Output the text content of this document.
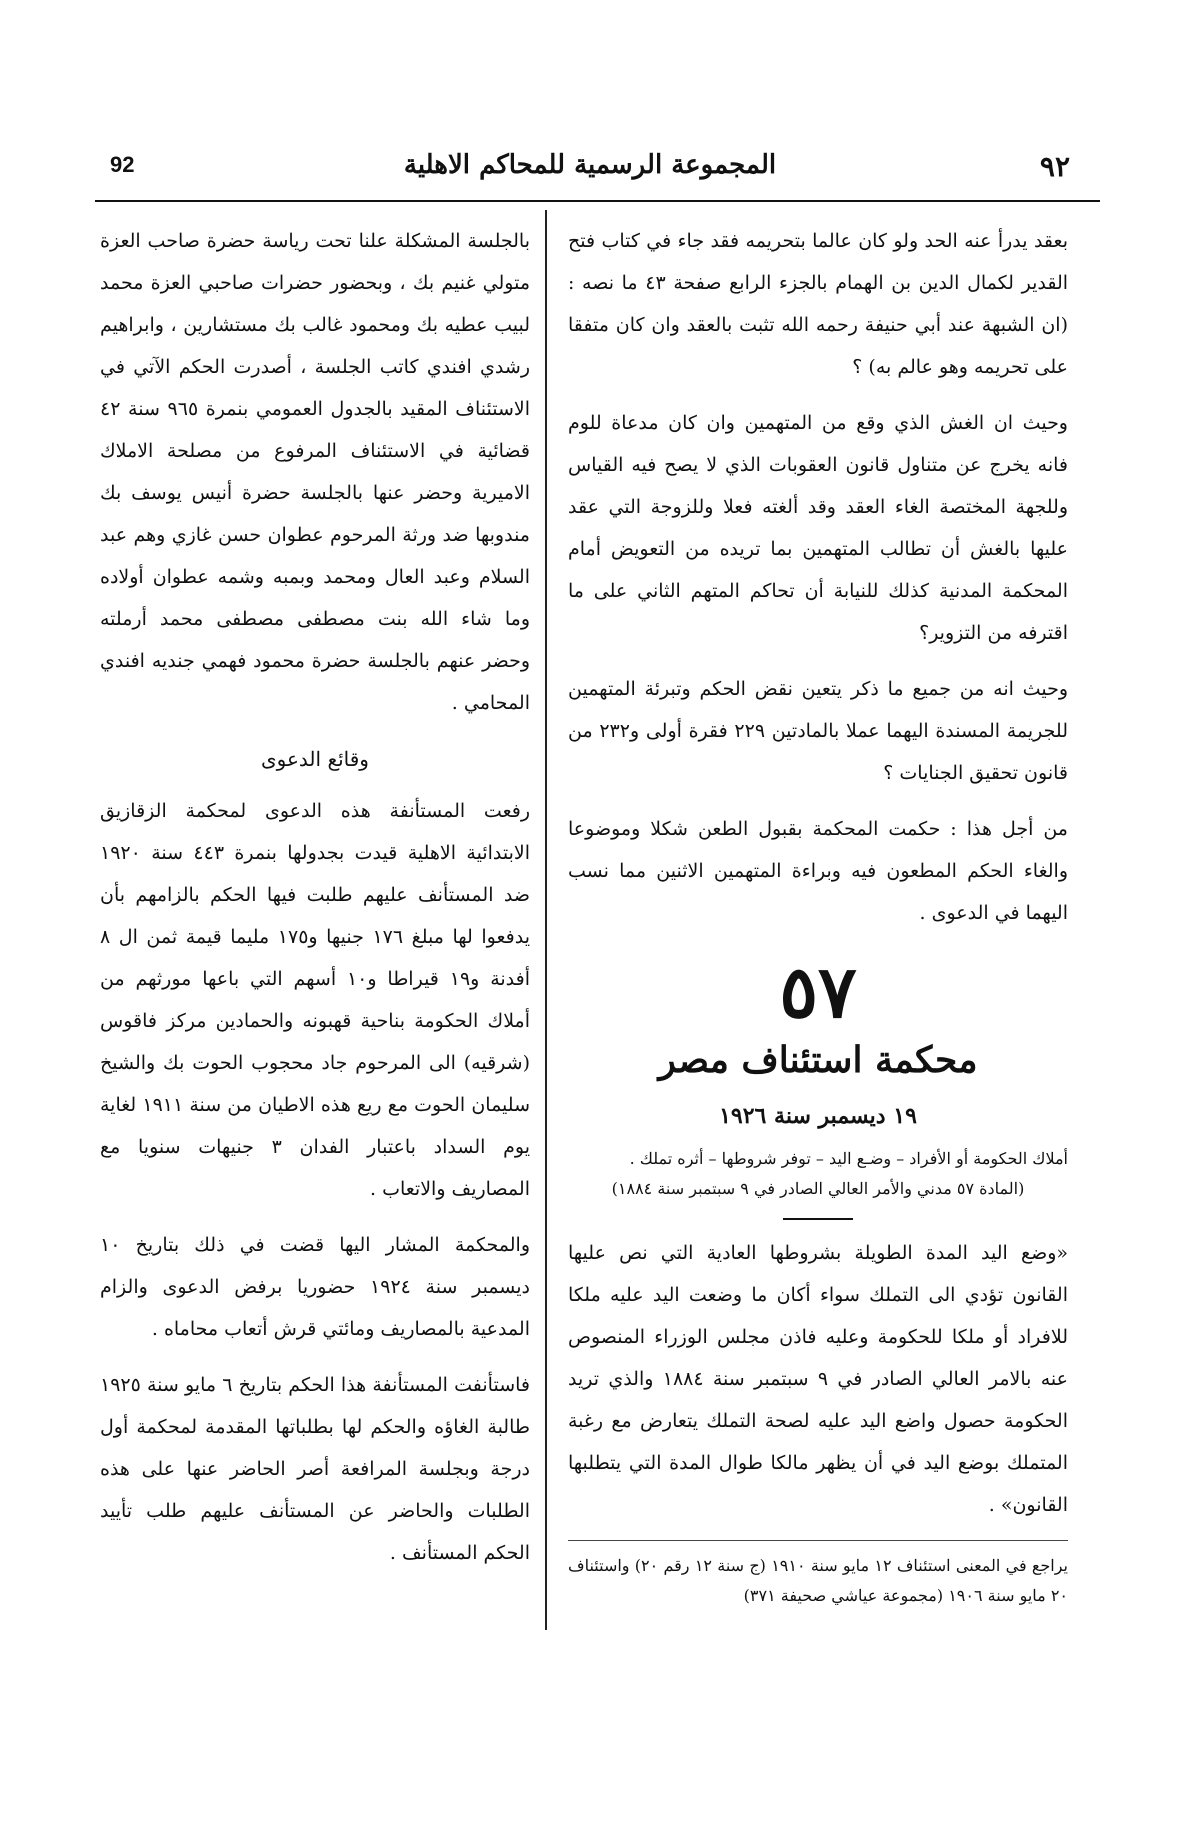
92	المجموعة الرسمية للمحاكم الاهلية	٩٢

بعقد يدرأ عنه الحد ولو كان عالما بتحريمه فقد جاء في كتاب فتح القدير لكمال الدين بن الهمام بالجزء الرابع صفحة ٤٣ ما نصه : (ان الشبهة عند أبي حنيفة رحمه الله تثبت بالعقد وان كان متفقا على تحريمه وهو عالم به) ؟

وحيث ان الغش الذي وقع من المتهمين وان كان مدعاة للوم فانه يخرج عن متناول قانون العقوبات الذي لا يصح فيه القياس وللجهة المختصة الغاء العقد وقد ألغته فعلا وللزوجة التي عقد عليها بالغش أن تطالب المتهمين بما تريده من التعويض أمام المحكمة المدنية كذلك للنيابة أن تحاكم المتهم الثاني على ما اقترفه من التزوير؟

وحيث انه من جميع ما ذكر يتعين نقض الحكم وتبرئة المتهمين للجريمة المسندة اليهما عملا بالمادتين ٢٢٩ فقرة أولى و٢٣٢ من قانون تحقيق الجنايات ؟

من أجل هذا : حكمت المحكمة بقبول الطعن شكلا وموضوعا والغاء الحكم المطعون فيه وبراءة المتهمين الاثنين مما نسب اليهما في الدعوى .

٥٧
محكمة استئناف مصر
١٩ ديسمبر سنة ١٩٢٦
أملاك الحكومة أو الأفراد – وضـع اليد – توفر شروطها – أثره تملك .
(المادة ٥٧ مدني والأمر العالي الصادر في ٩ سبتمبر سنة ١٨٨٤)

«وضع اليد المدة الطويلة بشروطها العادية التي نص عليها القانون تؤدي الى التملك سواء أكان ما وضعت اليد عليه ملكا للافراد أو ملكا للحكومة وعليه فاذن مجلس الوزراء المنصوص عنه بالامر العالي الصادر في ٩ سبتمبر سنة ١٨٨٤ والذي تريد الحكومة حصول واضع اليد عليه لصحة التملك يتعارض مع رغبة المتملك بوضع اليد في أن يظهر مالكا طوال المدة التي يتطلبها القانون» .

يراجع في المعنى استئناف ١٢ مايو سنة ١٩١٠ (ج سنة ١٢ رقم ٢٠) واستئناف ٢٠ مايو سنة ١٩٠٦ (مجموعة عياشي صحيفة ٣٧١)

بالجلسة المشكلة علنا تحت رياسة حضرة صاحب العزة متولي غنيم بك ، وبحضور حضرات صاحبي العزة محمد لبيب عطيه بك ومحمود غالب بك مستشارين ، وابراهيم رشدي افندي كاتب الجلسة ، أصدرت الحكم الآتي في الاستئناف المقيد بالجدول العمومي بنمرة ٩٦٥ سنة ٤٢ قضائية في الاستئناف المرفوع من مصلحة الاملاك الاميرية وحضر عنها بالجلسة حضرة أنيس يوسف بك مندوبها ضد ورثة المرحوم عطوان حسن غازي وهم عبد السلام وعبد العال ومحمد وبمبه وشمه عطوان أولاده وما شاء الله بنت مصطفى مصطفى محمد أرملته وحضر عنهم بالجلسة حضرة محمود فهمي جنديه افندي المحامي .

وقائع الدعوى

رفعت المستأنفة هذه الدعوى لمحكمة الزقازيق الابتدائية الاهلية قيدت بجدولها بنمرة ٤٤٣ سنة ١٩٢٠ ضد المستأنف عليهم طلبت فيها الحكم بالزامهم بأن يدفعوا لها مبلغ ١٧٦ جنيها و١٧٥ مليما قيمة ثمن ال ٨ أفدنة و١٩ قيراطا و١٠ أسهم التي باعها مورثهم من أملاك الحكومة بناحية قهبونه والحمادين مركز فاقوس (شرقيه) الى المرحوم جاد محجوب الحوت بك والشيخ سليمان الحوت مع ريع هذه الاطيان من سنة ١٩١١ لغاية يوم السداد باعتبار الفدان ٣ جنيهات سنويا مع المصاريف والاتعاب .

والمحكمة المشار اليها قضت في ذلك بتاريخ ١٠ ديسمبر سنة ١٩٢٤ حضوريا برفض الدعوى والزام المدعية بالمصاريف ومائتي قرش أتعاب محاماه .

فاستأنفت المستأنفة هذا الحكم بتاريخ ٦ مايو سنة ١٩٢٥ طالبة الغاؤه والحكم لها بطلباتها المقدمة لمحكمة أول درجة وبجلسة المرافعة أصر الحاضر عنها على هذه الطلبات والحاضر عن المستأنف عليهم طلب تأييد الحكم المستأنف .
